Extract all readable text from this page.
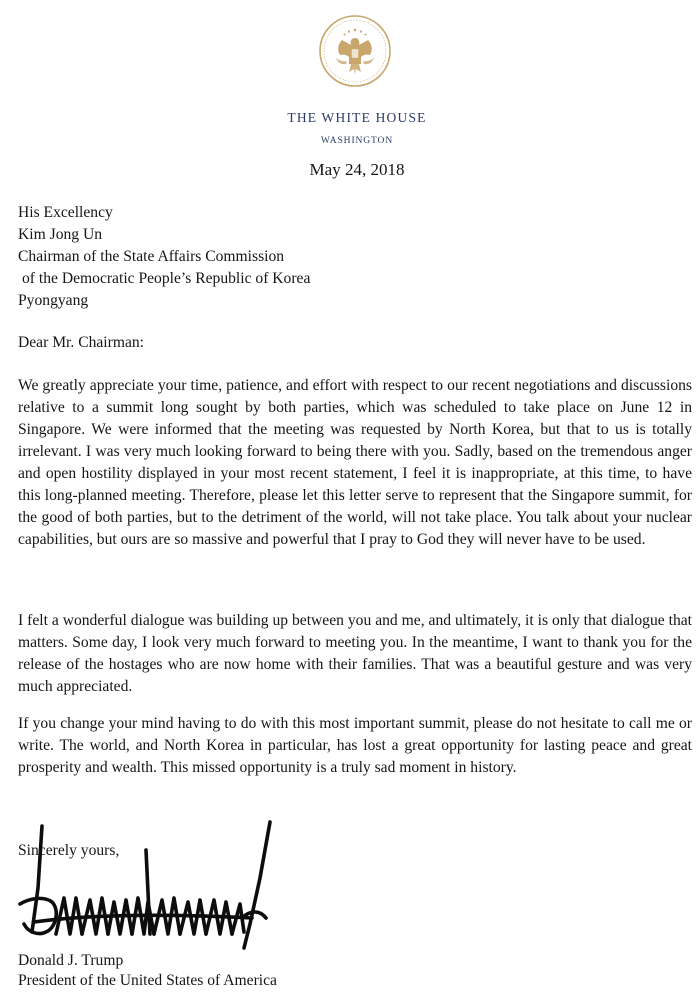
THE WHITE HOUSE
WASHINGTON
May 24, 2018
His Excellency
Kim Jong Un
Chairman of the State Affairs Commission
of the Democratic People’s Republic of Korea
Pyongyang
Dear Mr. Chairman:
We greatly appreciate your time, patience, and effort with respect to our recent negotiations and discussions relative to a summit long sought by both parties, which was scheduled to take place on June 12 in Singapore. We were informed that the meeting was requested by North Korea, but that to us is totally irrelevant. I was very much looking forward to being there with you. Sadly, based on the tremendous anger and open hostility displayed in your most recent statement, I feel it is inappropriate, at this time, to have this long-planned meeting. Therefore, please let this letter serve to represent that the Singapore summit, for the good of both parties, but to the detriment of the world, will not take place. You talk about your nuclear capabilities, but ours are so massive and powerful that I pray to God they will never have to be used.
I felt a wonderful dialogue was building up between you and me, and ultimately, it is only that dialogue that matters. Some day, I look very much forward to meeting you. In the meantime, I want to thank you for the release of the hostages who are now home with their families. That was a beautiful gesture and was very much appreciated.
If you change your mind having to do with this most important summit, please do not hesitate to call me or write. The world, and North Korea in particular, has lost a great opportunity for lasting peace and great prosperity and wealth. This missed opportunity is a truly sad moment in history.
Sincerely yours,
Donald J. Trump
President of the United States of America
